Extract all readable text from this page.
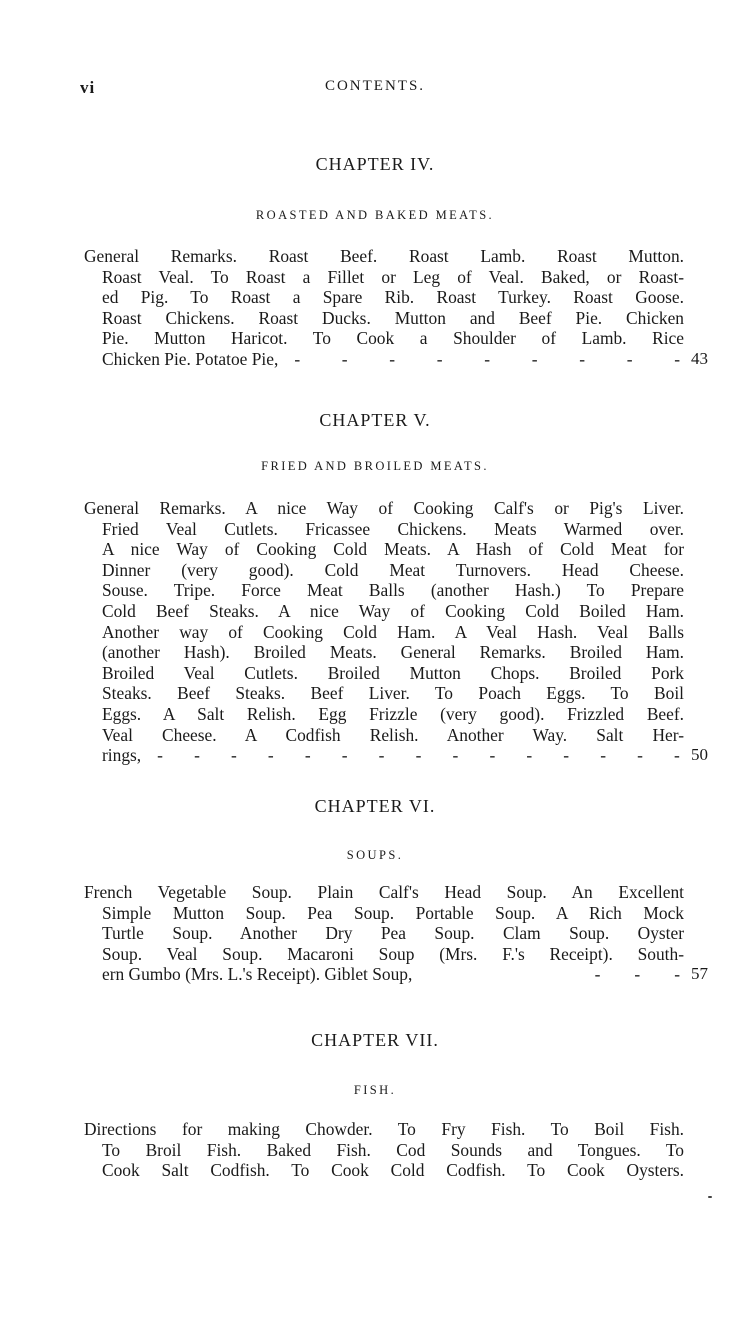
vi	CONTENTS.
CHAPTER IV.
ROASTED AND BAKED MEATS.
General Remarks. Roast Beef. Roast Lamb. Roast Mutton.
Roast Veal. To Roast a Fillet or Leg of Veal. Baked, or Roast-
ed Pig. To Roast a Spare Rib. Roast Turkey. Roast Goose.
Roast Chickens. Roast Ducks. Mutton and Beef Pie. Chicken
Pie. Mutton Haricot. To Cook a Shoulder of Lamb. Rice
Chicken Pie. Potatoe Pie, - - - - - - - - - 43
CHAPTER V.
FRIED AND BROILED MEATS.
General Remarks. A nice Way of Cooking Calf's or Pig's Liver.
Fried Veal Cutlets. Fricassee Chickens. Meats Warmed over.
A nice Way of Cooking Cold Meats. A Hash of Cold Meat for
Dinner (very good). Cold Meat Turnovers. Head Cheese.
Souse. Tripe. Force Meat Balls (another Hash.) To Prepare
Cold Beef Steaks. A nice Way of Cooking Cold Boiled Ham.
Another way of Cooking Cold Ham. A Veal Hash. Veal Balls
(another Hash). Broiled Meats. General Remarks. Broiled Ham.
Broiled Veal Cutlets. Broiled Mutton Chops. Broiled Pork
Steaks. Beef Steaks. Beef Liver. To Poach Eggs. To Boil
Eggs. A Salt Relish. Egg Frizzle (very good). Frizzled Beef.
Veal Cheese. A Codfish Relish. Another Way. Salt Her-
rings, - - - - - - - - - - - - - - - 50
CHAPTER VI.
SOUPS.
French Vegetable Soup. Plain Calf's Head Soup. An Excellent
Simple Mutton Soup. Pea Soup. Portable Soup. A Rich Mock
Turtle Soup. Another Dry Pea Soup. Clam Soup. Oyster
Soup. Veal Soup. Macaroni Soup (Mrs. F.'s Receipt). South-
ern Gumbo (Mrs. L.'s Receipt). Giblet Soup,	- - - 57
CHAPTER VII.
FISH.
Directions for making Chowder. To Fry Fish. To Boil Fish.
To Broil Fish. Baked Fish. Cod Sounds and Tongues. To
Cook Salt Codfish. To Cook Cold Codfish. To Cook Oysters.
